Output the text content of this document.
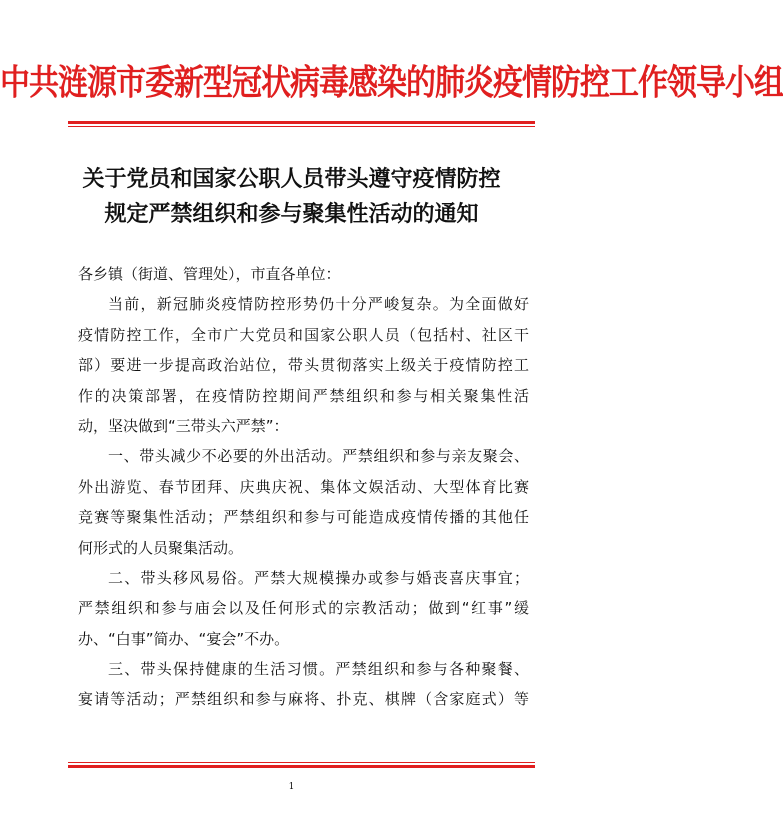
中共涟源市委新型冠状病毒感染的肺炎疫情防控工作领导小组
关于党员和国家公职人员带头遵守疫情防控
规定严禁组织和参与聚集性活动的通知
各乡镇（街道、管理处），市直各单位：
当前，新冠肺炎疫情防控形势仍十分严峻复杂。为全面做好
疫情防控工作，全市广大党员和国家公职人员（包括村、社区干
部）要进一步提高政治站位，带头贯彻落实上级关于疫情防控工
作的决策部署，在疫情防控期间严禁组织和参与相关聚集性活
动，坚决做到“三带头六严禁”：
一、带头减少不必要的外出活动。严禁组织和参与亲友聚会、
外出游览、春节团拜、庆典庆祝、集体文娱活动、大型体育比赛
竞赛等聚集性活动；严禁组织和参与可能造成疫情传播的其他任
何形式的人员聚集活动。
二、带头移风易俗。严禁大规模操办或参与婚丧喜庆事宜；
严禁组织和参与庙会以及任何形式的宗教活动；做到“红事”缓
办、“白事”简办、“宴会”不办。
三、带头保持健康的生活习惯。严禁组织和参与各种聚餐、
宴请等活动；严禁组织和参与麻将、扑克、棋牌（含家庭式）等
1
